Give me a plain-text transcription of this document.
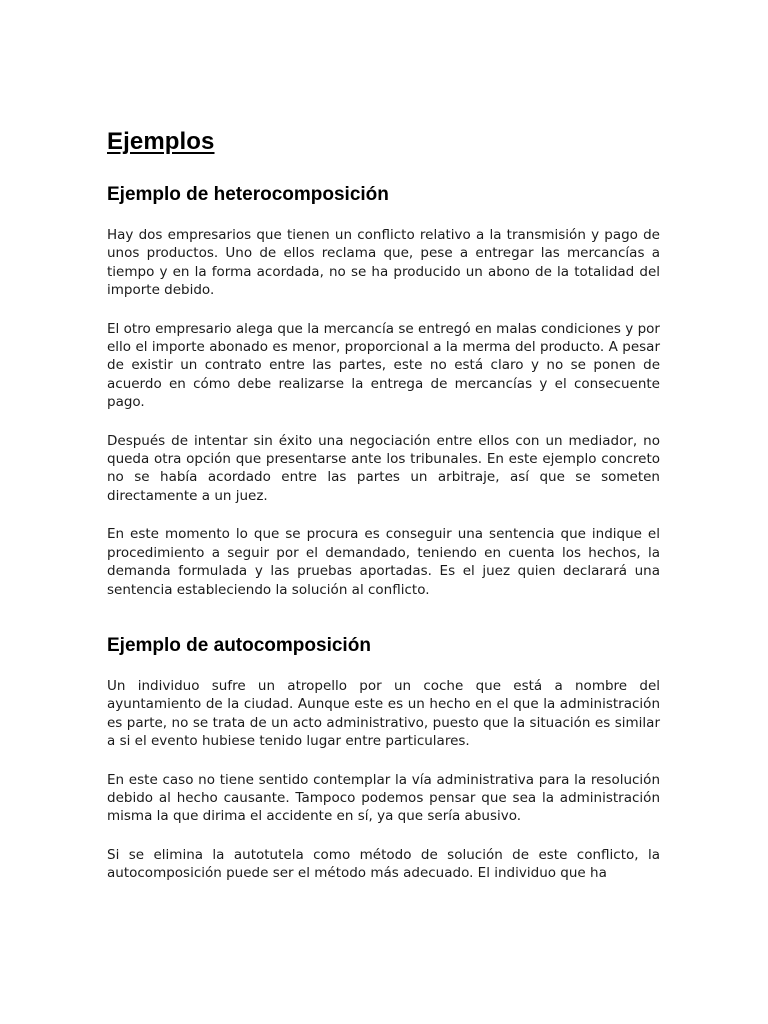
Ejemplos
Ejemplo de heterocomposición

Hay dos empresarios que tienen un conflicto relativo a la transmisión y pago de unos productos. Uno de ellos reclama que, pese a entregar las mercancías a tiempo y en la forma acordada, no se ha producido un abono de la totalidad del importe debido.

El otro empresario alega que la mercancía se entregó en malas condiciones y por ello el importe abonado es menor, proporcional a la merma del producto. A pesar de existir un contrato entre las partes, este no está claro y no se ponen de acuerdo en cómo debe realizarse la entrega de mercancías y el consecuente pago.

Después de intentar sin éxito una negociación entre ellos con un mediador, no queda otra opción que presentarse ante los tribunales. En este ejemplo concreto no se había acordado entre las partes un arbitraje, así que se someten directamente a un juez.

En este momento lo que se procura es conseguir una sentencia que indique el procedimiento a seguir por el demandado, teniendo en cuenta los hechos, la demanda formulada y las pruebas aportadas. Es el juez quien declarará una sentencia estableciendo la solución al conflicto.

Ejemplo de autocomposición

Un individuo sufre un atropello por un coche que está a nombre del ayuntamiento de la ciudad. Aunque este es un hecho en el que la administración es parte, no se trata de un acto administrativo, puesto que la situación es similar a si el evento hubiese tenido lugar entre particulares.

En este caso no tiene sentido contemplar la vía administrativa para la resolución debido al hecho causante. Tampoco podemos pensar que sea la administración misma la que dirima el accidente en sí, ya que sería abusivo.

Si se elimina la autotutela como método de solución de este conflicto, la autocomposición puede ser el método más adecuado. El individuo que ha
